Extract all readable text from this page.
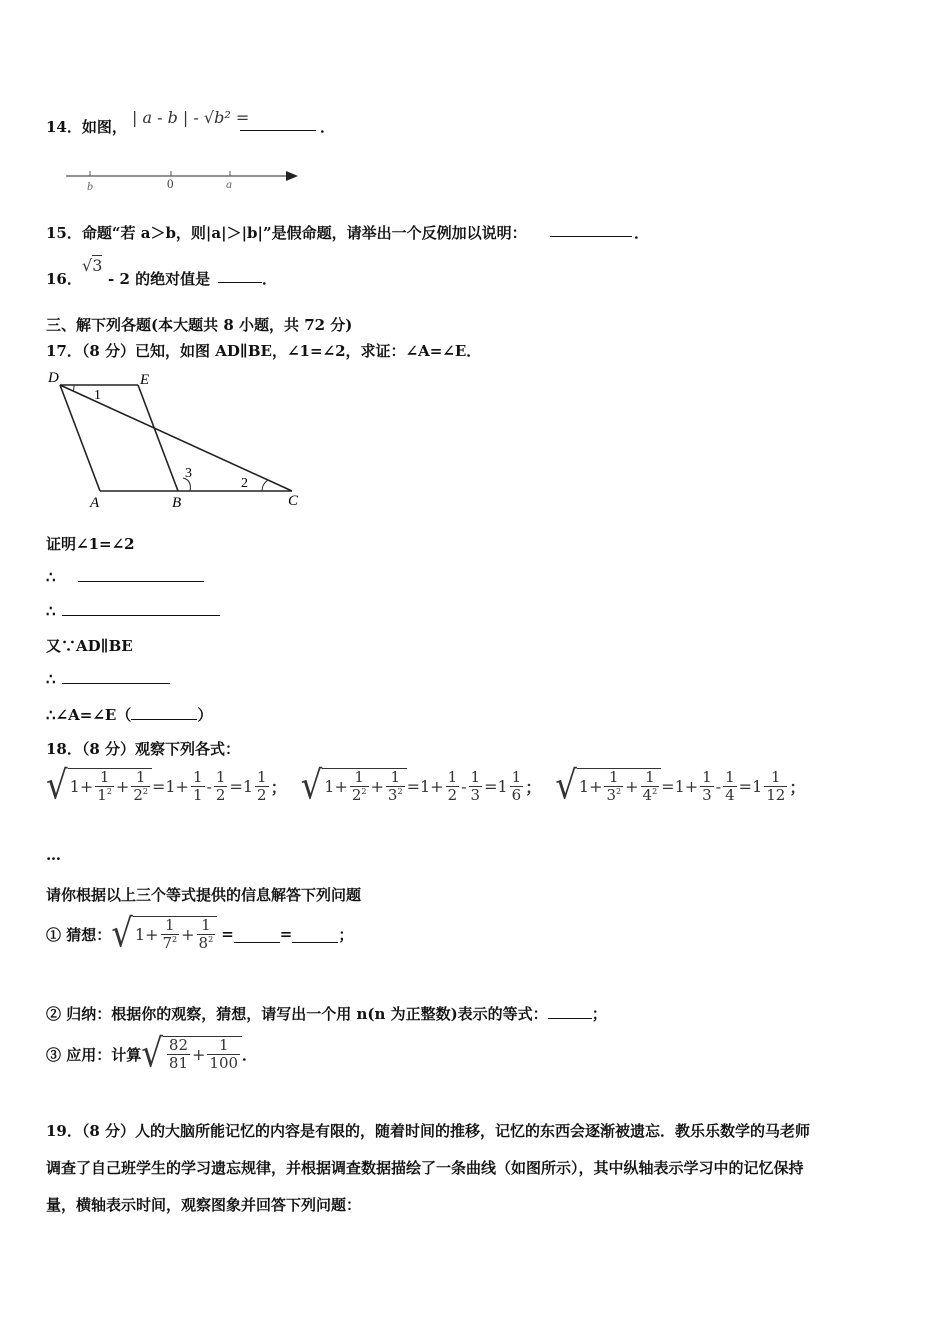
14．如图， | a - b | - √b² =	．
b	0	a
15．命题“若 a＞b，则|a|＞|b|”是假命题，请举出一个反例加以说明：	．
16．
√3
- 2 的绝对值是	．
三、解下列各题(本大题共 8 小题，共 72 分)
17．（8 分）已知，如图 AD∥BE，∠1=∠2，求证：∠A=∠E．
D	E
A	B	C
1
2
3
证明∠1=∠2
∴
∴
又∵AD∥BE
∴
∴∠A=∠E（	）
18．（8 分）观察下列各式：
√ $1 + \frac{1}{1^2} + \frac{1}{2^2} =1+ \frac{1}{1} - \frac{1}{2} =1 \frac{1}{2}$ ； √ $1 + \frac{1}{2^2} + \frac{1}{3^2} =1+ \frac{1}{2} - \frac{1}{3} =1 \frac{1}{6}$ ； √ $1 + \frac{1}{3^2} + \frac{1}{4^2} =1+ \frac{1}{3} - \frac{1}{4} =1 \frac{1}{12}$ ；
…
请你根据以上三个等式提供的信息解答下列问题
① 猜想： √ $1 + \frac{1}{7^2} + \frac{1}{8^2}$ =	=	；
② 归纳：根据你的观察，猜想，请写出一个用 n(n 为正整数)表示的等式：	；
③ 应用：计算 √ $\frac{82}{81} + \frac{1}{100}$ ．
19．（8 分）人的大脑所能记忆的内容是有限的，随着时间的推移，记忆的东西会逐渐被遗忘．教乐乐数学的马老师
调查了自己班学生的学习遗忘规律，并根据调查数据描绘了一条曲线（如图所示），其中纵轴表示学习中的记忆保持
量，横轴表示时间，观察图象并回答下列问题：
